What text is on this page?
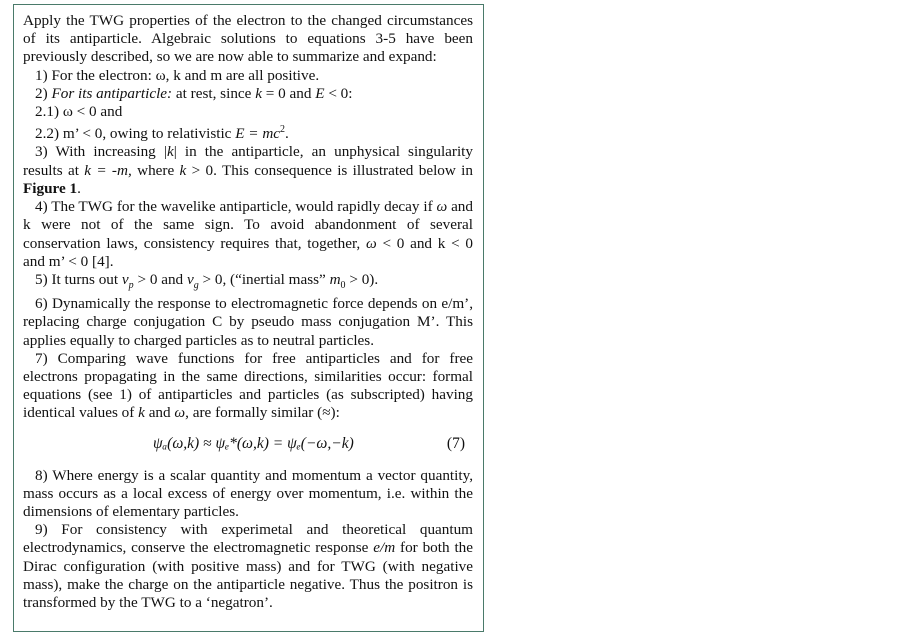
Apply the TWG properties of the electron to the changed circumstances of its antiparticle. Algebraic solutions to equations 3-5 have been previously described, so we are now able to summarize and expand:

1) For the electron: ω, k and m are all positive.

2) For its antiparticle: at rest, since k = 0 and E < 0:

2.1) ω < 0 and

2.2) m’ < 0, owing to relativistic $E = mc^2$.

3) With increasing |k| in the antiparticle, an unphysical singularity results at k = -m, where k > 0. This consequence is illustrated below in Figure 1.

4) The TWG for the wavelike antiparticle, would rapidly decay if ω and k were not of the same sign. To avoid abandonment of several conservation laws, consistency requires that, together, ω < 0 and k < 0 and m’ < 0 [4].

5) It turns out $v_p > 0$ and $v_g > 0$, (“inertial mass” $m_0 > 0$).

6) Dynamically the response to electromagnetic force depends on e/m’, replacing charge conjugation C by pseudo mass conjugation M’. This applies equally to charged particles as to neutral particles.

7) Comparing wave functions for free antiparticles and for free electrons propagating in the same directions, similarities occur: formal equations (see 1) of antiparticles and particles (as subscripted) having identical values of k and ω, are formally similar (≈):

ψₐ(ω,k) ≈ ψₑ*(ω,k) = ψₑ(−ω,−k)	(7)

8) Where energy is a scalar quantity and momentum a vector quantity, mass occurs as a local excess of energy over momentum, i.e. within the dimensions of elementary particles.

9) For consistency with experimetal and theoretical quantum electrodynamics, conserve the electromagnetic response e/m for both the Dirac configuration (with positive mass) and for TWG (with negative mass), make the charge on the antiparticle negative. Thus the positron is transformed by the TWG to a ‘negatron’.
